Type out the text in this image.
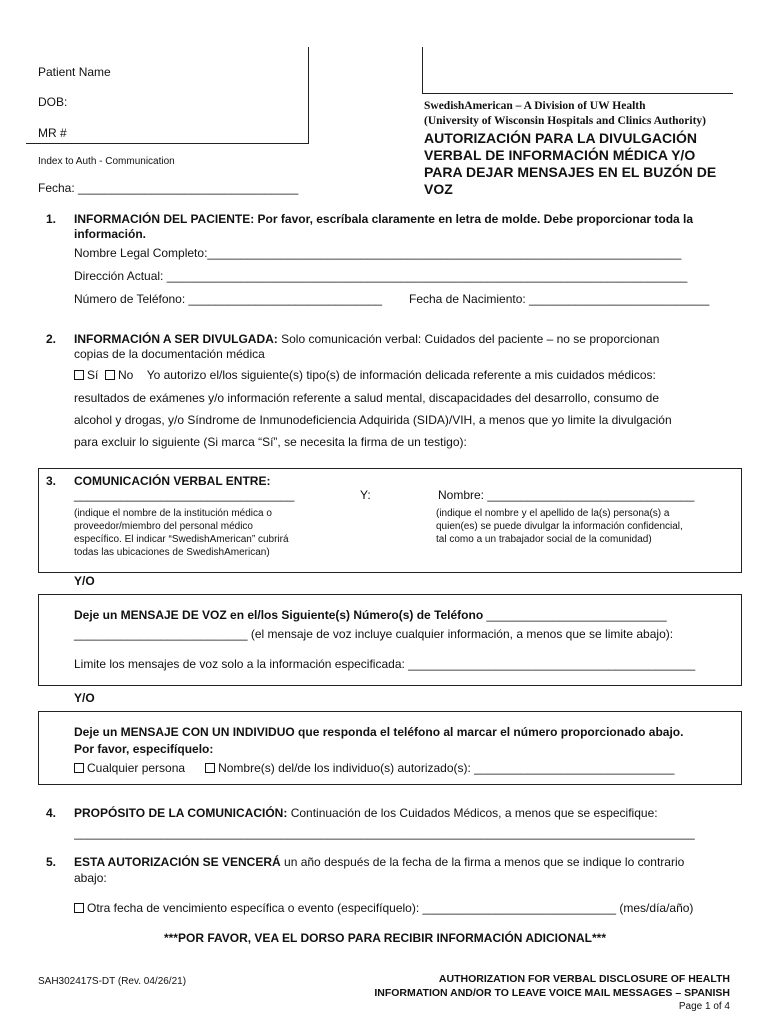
Patient Name
DOB:
MR #
Index to Auth - Communication
Fecha: _________________________________
SwedishAmerican – A Division of UW Health
(University of Wisconsin Hospitals and Clinics Authority)
AUTORIZACIÓN PARA LA DIVULGACIÓN
VERBAL DE INFORMACIÓN MÉDICA Y/O
PARA DEJAR MENSAJES EN EL BUZÓN DE
VOZ
1. INFORMACIÓN DEL PACIENTE: Por favor, escríbala claramente en letra de molde. Debe proporcionar toda la
información.
Nombre Legal Completo:_______________________________________________________________________
Dirección Actual: ______________________________________________________________________________
Número de Teléfono: _____________________________ Fecha de Nacimiento: ___________________________
2. INFORMACIÓN A SER DIVULGADA: Solo comunicación verbal: Cuidados del paciente – no se proporcionan
copias de la documentación médica
Sí No Yo autorizo el/los siguiente(s) tipo(s) de información delicada referente a mis cuidados médicos:
resultados de exámenes y/o información referente a salud mental, discapacidades del desarrollo, consumo de
alcohol y drogas, y/o Síndrome de Inmunodeficiencia Adquirida (SIDA)/VIH, a menos que yo limite la divulgación
para excluir lo siguiente (Si marca “Sí”, se necesita la firma de un testigo):
3. COMUNICACIÓN VERBAL ENTRE:
_________________________________	Y:	Nombre: _______________________________
(indique el nombre de la institución médica o
proveedor/miembro del personal médico
específico. El indicar “SwedishAmerican” cubrirá
todas las ubicaciones de SwedishAmerican)
(indique el nombre y el apellido de la(s) persona(s) a
quien(es) se puede divulgar la información confidencial,
tal como a un trabajador social de la comunidad)
Y/O
Deje un MENSAJE DE VOZ en el/los Siguiente(s) Número(s) de Teléfono ___________________________
__________________________ (el mensaje de voz incluye cualquier información, a menos que se limite abajo):
Limite los mensajes de voz solo a la información especificada: ___________________________________________
Y/O
Deje un MENSAJE CON UN INDIVIDUO que responda el teléfono al marcar el número proporcionado abajo.
Por favor, especifíquelo:
Cualquier persona	Nombre(s) del/de los individuo(s) autorizado(s): ______________________________
4. PROPÓSITO DE LA COMUNICACIÓN: Continuación de los Cuidados Médicos, a menos que se especifique:
_____________________________________________________________________________________________
5. ESTA AUTORIZACIÓN SE VENCERÁ un año después de la fecha de la firma a menos que se indique lo contrario
abajo:
Otra fecha de vencimiento específica o evento (especifíquelo): _____________________________ (mes/día/año)
***POR FAVOR, VEA EL DORSO PARA RECIBIR INFORMACIÓN ADICIONAL***
SAH302417S-DT (Rev. 04/26/21)	AUTHORIZATION FOR VERBAL DISCLOSURE OF HEALTH
INFORMATION AND/OR TO LEAVE VOICE MAIL MESSAGES – SPANISH
Page 1 of 4
